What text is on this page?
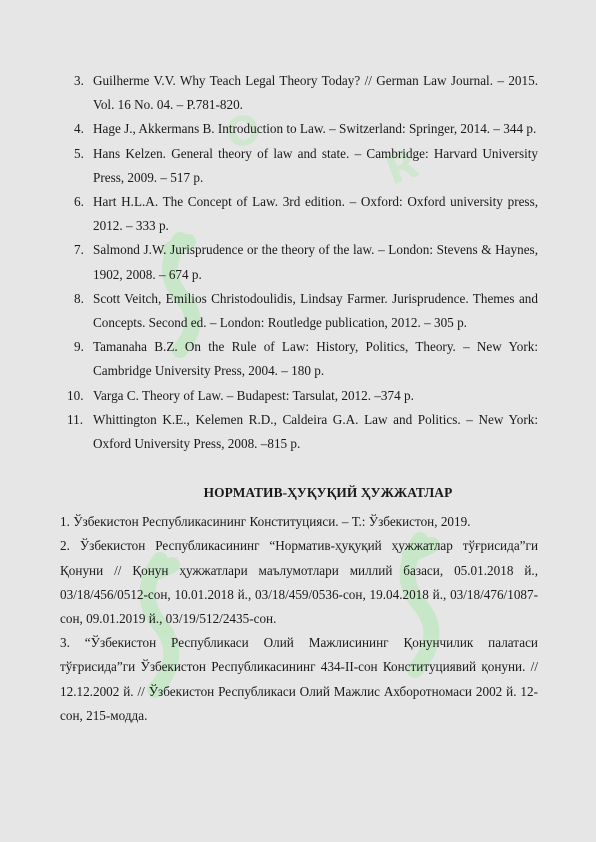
O
R
3. Guilherme V.V. Why Teach Legal Theory Today? // German Law Journal. – 2015. Vol. 16 No. 04. – P.781-820.
4. Hage J., Akkermans B. Introduction to Law. – Switzerland: Springer, 2014. – 344 p.
5. Hans Kelzen. General theory of law and state. – Cambridge: Harvard University Press, 2009. – 517 p.
6. Hart H.L.A. The Concept of Law. 3rd edition. – Oxford: Oxford university press, 2012. – 333 p.
7. Salmond J.W. Jurisprudence or the theory of the law. – London: Stevens & Haynes, 1902, 2008. – 674 p.
8. Scott Veitch, Emilios Christodoulidis, Lindsay Farmer. Jurisprudence. Themes and Concepts. Second ed. – London: Routledge publication, 2012. – 305 p.
9. Tamanaha B.Z. On the Rule of Law: History, Politics, Theory. – New York: Cambridge University Press, 2004. – 180 p.
10. Varga C. Theory of Law. – Budapest: Tarsulat, 2012. –374 p.
11. Whittington K.E., Kelemen R.D., Caldeira G.A. Law and Politics. – New York: Oxford University Press, 2008. –815 p.
НОРМАТИВ-ҲУҚУҚИЙ ҲУЖЖАТЛАР

1. Ўзбекистон Республикасининг Конституцияси. – Т.: Ўзбекистон, 2019.

2. Ўзбекистон Республикасининг “Норматив-ҳуқуқий ҳужжатлар тўғрисида”ги Қонуни // Қонун ҳужжатлари маълумотлари миллий базаси, 05.01.2018 й., 03/18/456/0512-сон, 10.01.2018 й., 03/18/459/0536-сон, 19.04.2018 й., 03/18/476/1087-сон, 09.01.2019 й., 03/19/512/2435-сон.

3. “Ўзбекистон Республикаси Олий Мажлисининг Қонунчилик палатаси тўғрисида”ги Ўзбекистон Республикасининг 434-II-сон Конституциявий қонуни. // 12.12.2002 й. // Ўзбекистон Республикаси Олий Мажлис Ахборотномаси 2002 й. 12-сон, 215-модда.
